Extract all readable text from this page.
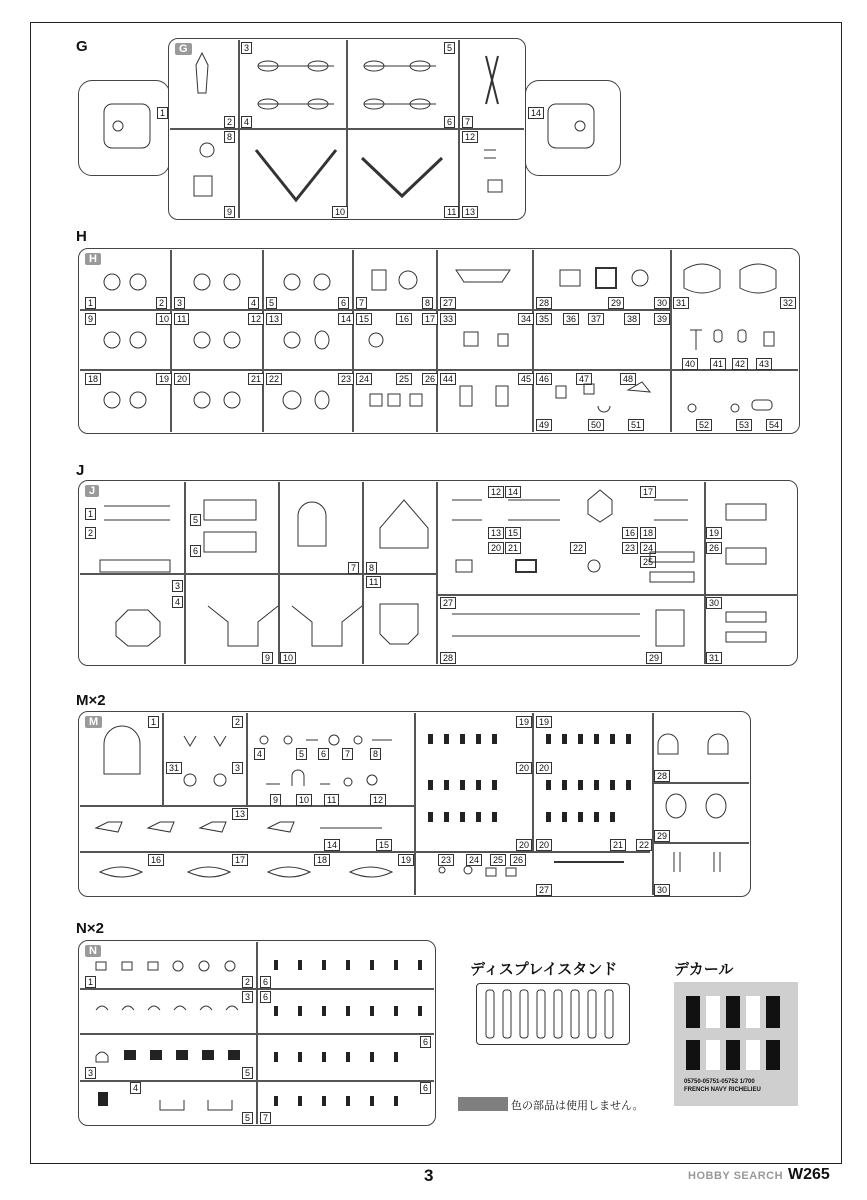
G	G
1
2
3
4
5
6	7
8
9	10	11
12
13
14
H
H
1	2	3	4	5	6	7	8
9	10 11	12 13	14 15	16	17
18	19 20	21 22	23 24	25	26
27	28	29	30 31	32
33	34 35	36	37	38	39
40	41	42	43
44	45 46	47	48
49	50	51	52	53	54
J
J
1
2
3
4
5
6
7	8
9	10
11
12
13
14
15	16
17
18	19
20 21	22	23 24
25
26
27
28	29
30
31
M×2
M	1	2
3
4	5	6	7	8
9	10	11	12
13
14	15
16	17	18	19
19	19
20	20
20	20	21	22
23	24	25	26
27
28
29
30
31
N×2
N
1	2
3
3
4
5
5
6
6
6
6
7
ディスプレイスタンド	デカール
05750-05751-05752 1/700
FRENCH NAVY RICHELIEU
色の部品は使用しません。
3	HOBBY SEARCH W265
